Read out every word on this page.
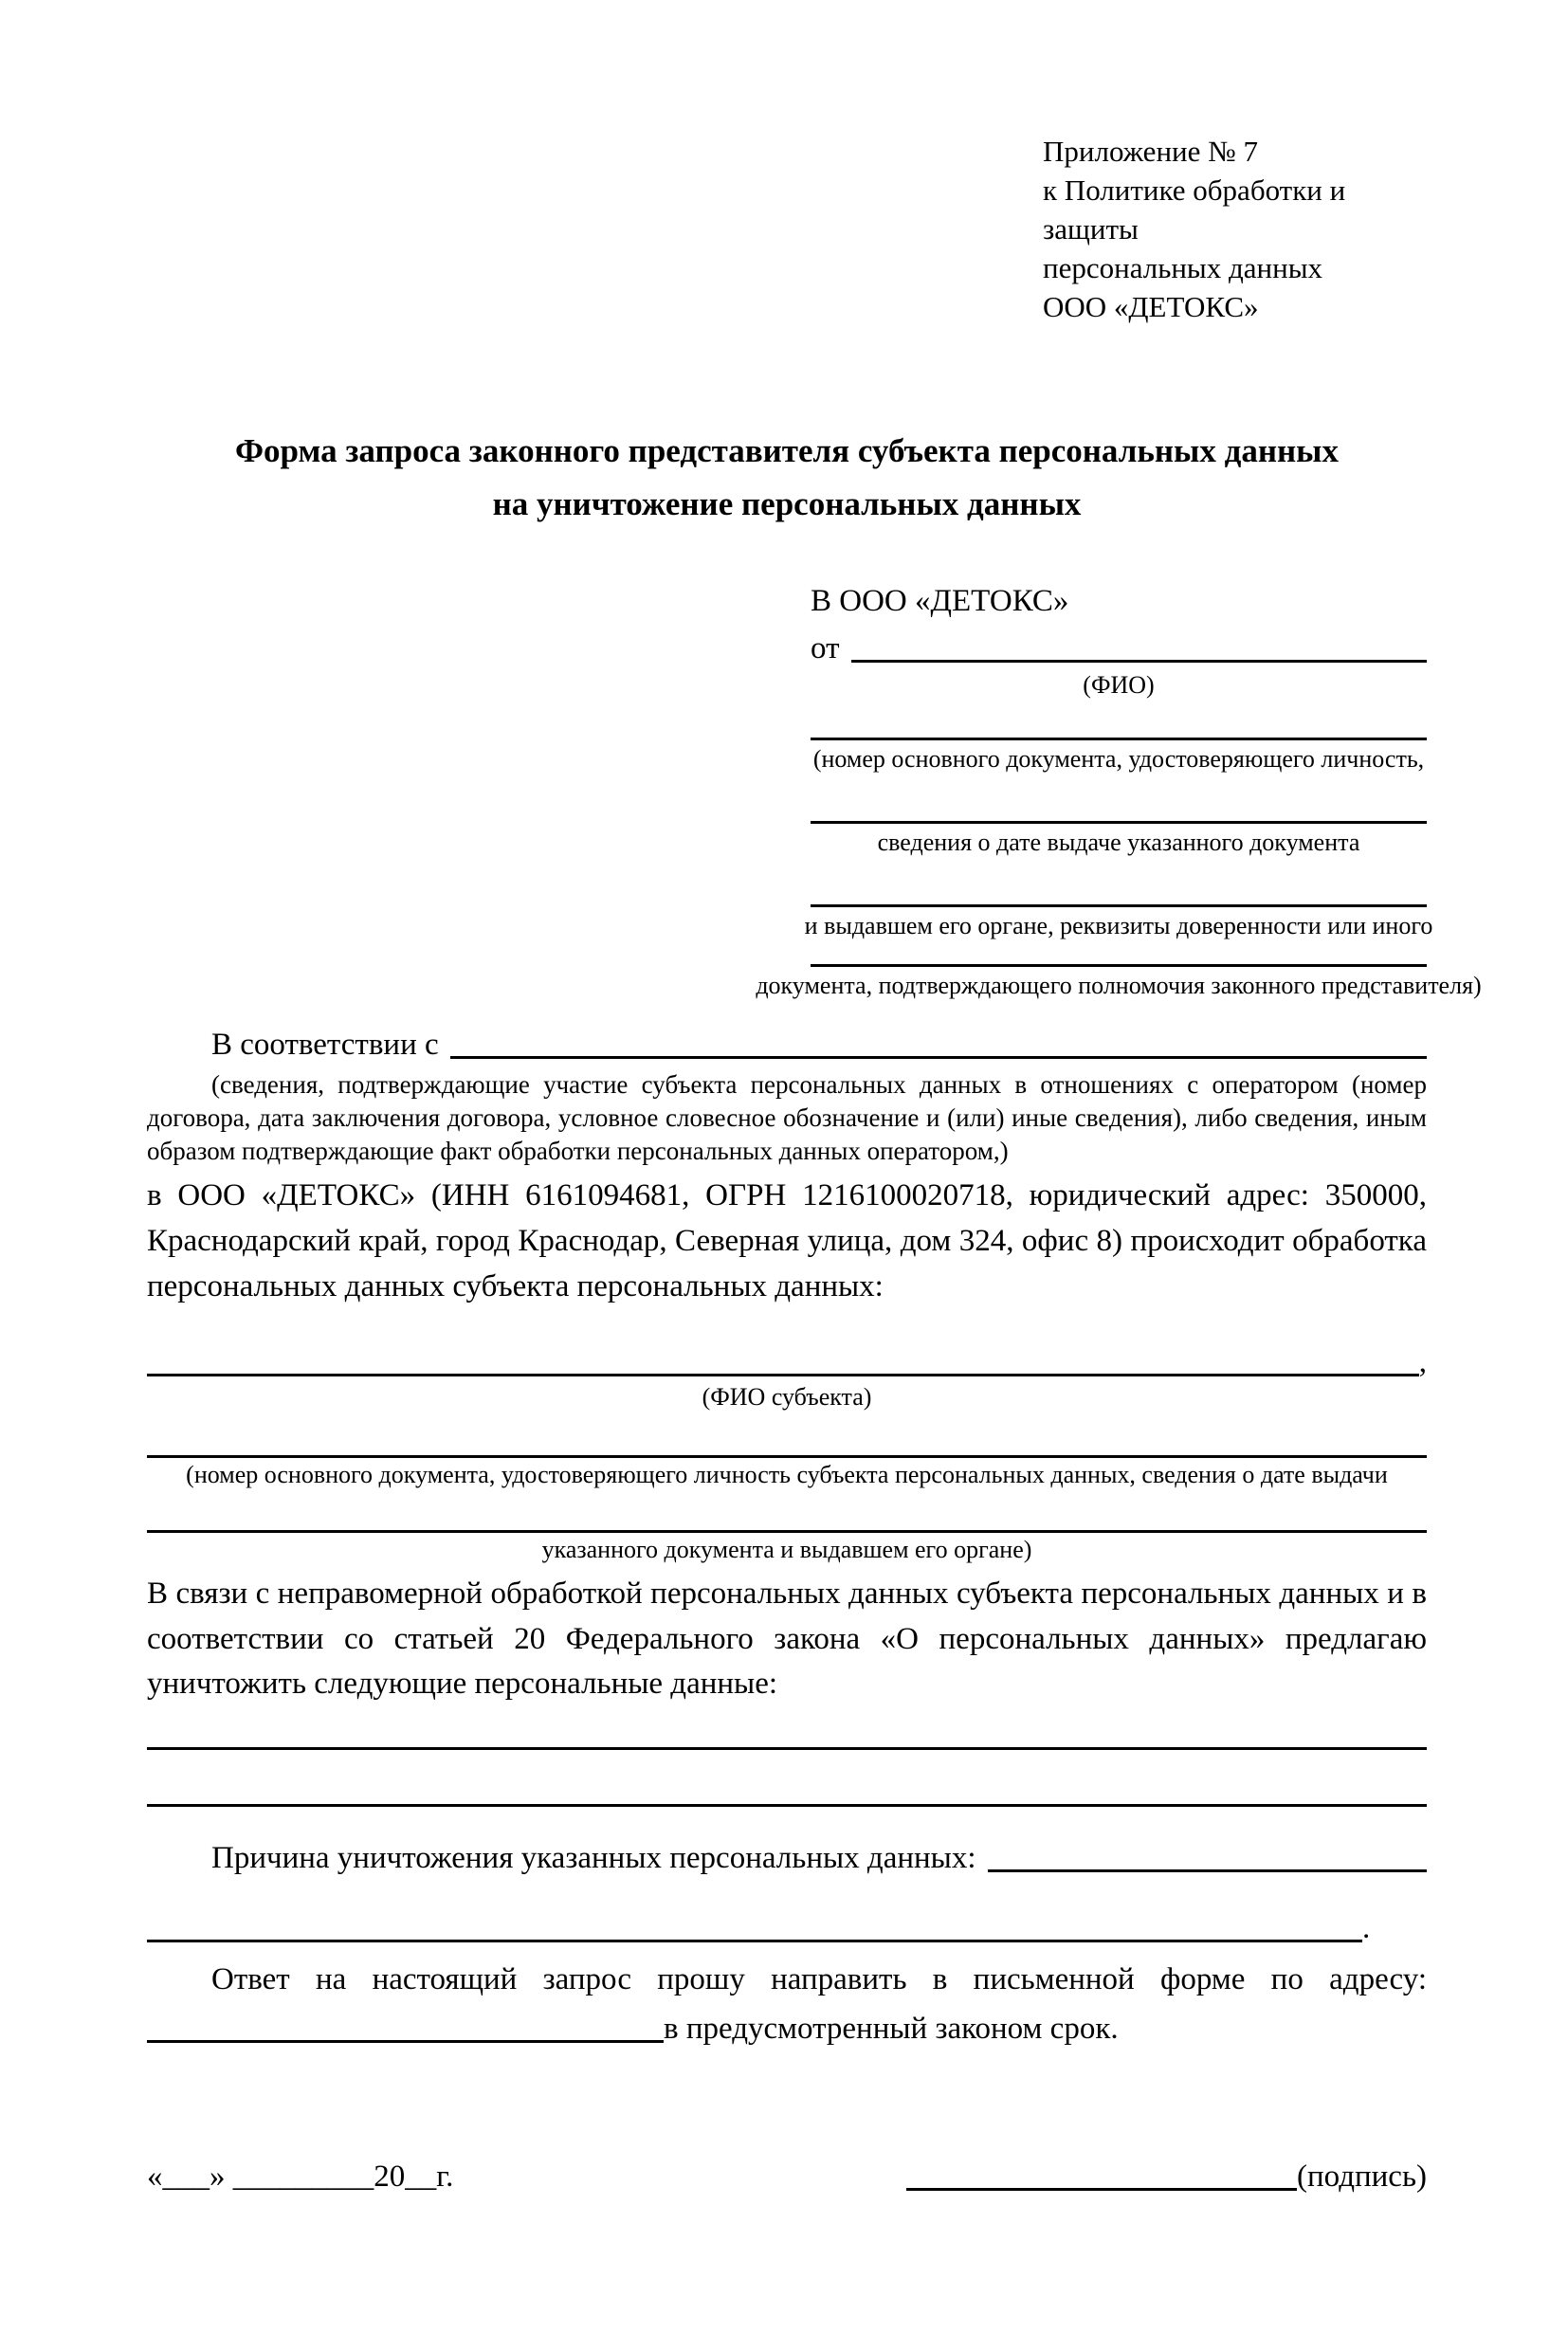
Приложение № 7
к Политике обработки и защиты
персональных данных
ООО «ДЕТОКС»
Форма запроса законного представителя субъекта персональных данных
на уничтожение персональных данных
В ООО «ДЕТОКС»
от
(ФИО)
(номер основного документа, удостоверяющего личность,
сведения о дате выдаче указанного документа
и выдавшем его органе, реквизиты доверенности или иного
документа, подтверждающего полномочия законного представителя)
В соответствии с
(сведения, подтверждающие участие субъекта персональных данных в отношениях с оператором (номер договора, дата заключения договора, условное словесное обозначение и (или) иные сведения), либо сведения, иным образом подтверждающие факт обработки персональных данных оператором,)
в ООО «ДЕТОКС» (ИНН 6161094681, ОГРН 1216100020718, юридический адрес: 350000, Краснодарский край, город Краснодар, Северная улица, дом 324, офис 8) происходит обработка персональных данных субъекта персональных данных:
,
(ФИО субъекта)
(номер основного документа, удостоверяющего личность субъекта персональных данных, сведения о дате выдачи
указанного документа и выдавшем его органе)
В связи с неправомерной обработкой персональных данных субъекта персональных данных и в соответствии со статьей 20 Федерального закона «О персональных данных» предлагаю уничтожить следующие персональные данные:
Причина уничтожения указанных персональных данных:
.
Ответ на настоящий запрос прошу направить в письменной форме по адресу:
в предусмотренный законом срок.
«___» _________20__г.	(подпись)
